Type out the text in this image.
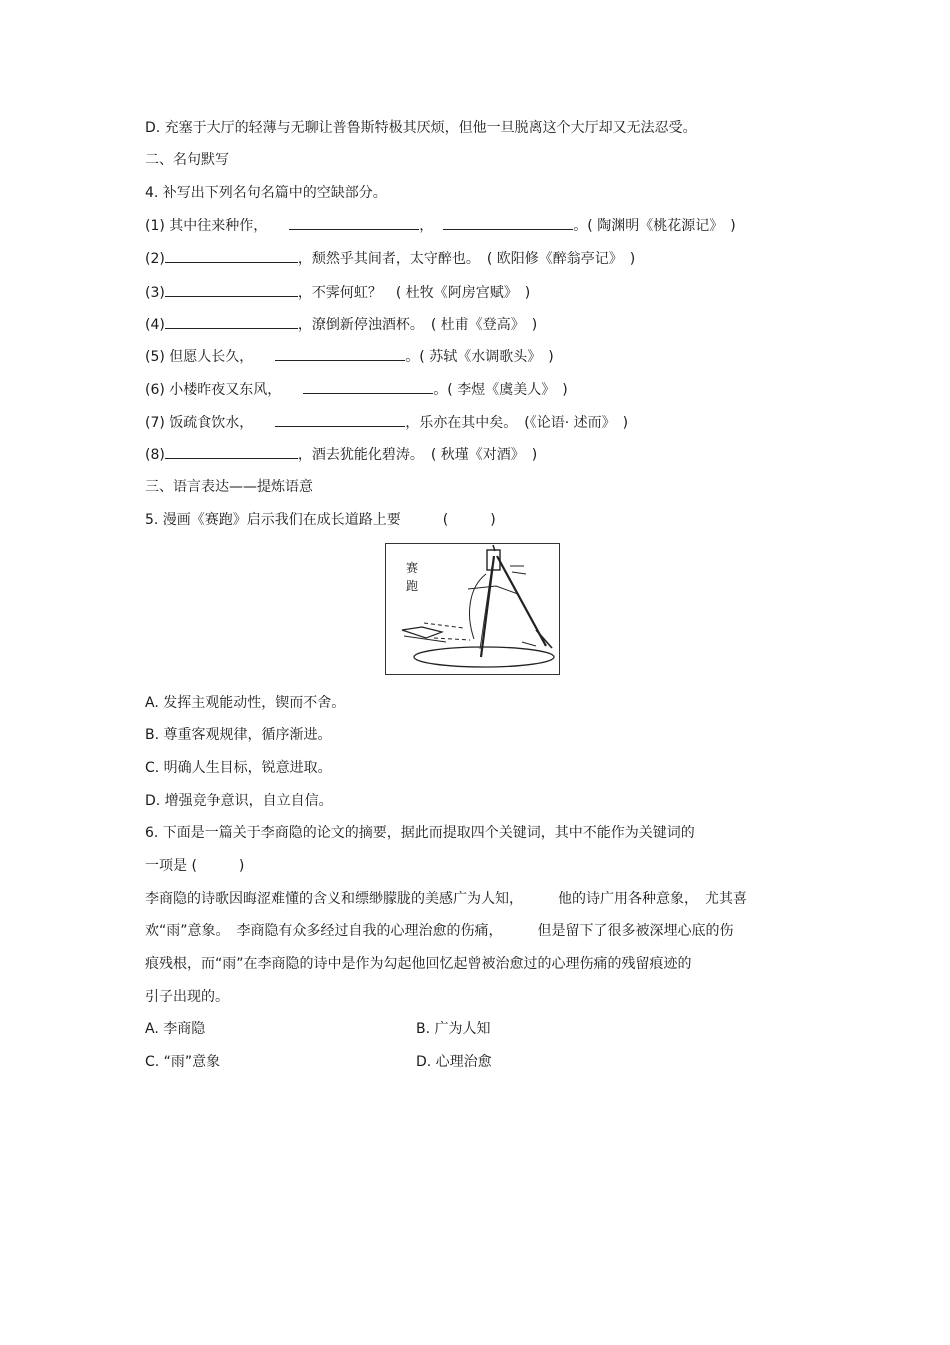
D. 充塞于大厅的轻薄与无聊让普鲁斯特极其厌烦，但他一旦脱离这个大厅却又无法忍受。
二、名句默写
4. 补写出下列名句名篇中的空缺部分。
(1) 其中往来种作，	，	。( 陶渊明《桃花源记》　)
(2)	，颓然乎其间者，太守醉也。　( 欧阳修《醉翁亭记》　)
(3)	，不霁何虹？　( 杜牧《阿房宫赋》　)
(4)	，潦倒新停浊酒杯。　( 杜甫《登高》　)
(5) 但愿人长久，	。( 苏轼《水调歌头》　)
(6) 小楼昨夜又东风，	。( 李煜《虞美人》　)
(7) 饭疏食饮水，	，乐亦在其中矣。　(《论语· 述而》　)
(8)	，酒去犹能化碧涛。　( 秋瑾《对酒》　)
三、语言表达——提炼语意
5. 漫画《赛跑》启示我们在成长道路上要　　　(　　　)
赛
跑
A. 发挥主观能动性，锲而不舍。
B. 尊重客观规律，循序渐进。
C. 明确人生目标，锐意进取。
D. 增强竞争意识，自立自信。
6. 下面是一篇关于李商隐的论文的摘要，据此而提取四个关键词，其中不能作为关键词的
一项是 (　　　)
李商隐的诗歌因晦涩难懂的含义和缥缈朦胧的美感广为人知，　　　他的诗广用各种意象，　尤其喜
欢“雨”意象。　李商隐有众多经过自我的心理治愈的伤痛，　　　但是留下了很多被深埋心底的伤
痕残根，而“雨”在李商隐的诗中是作为勾起他回忆起曾被治愈过的心理伤痛的残留痕迹的
引子出现的。
A. 李商隐	B. 广为人知
C. “雨”意象	D. 心理治愈
